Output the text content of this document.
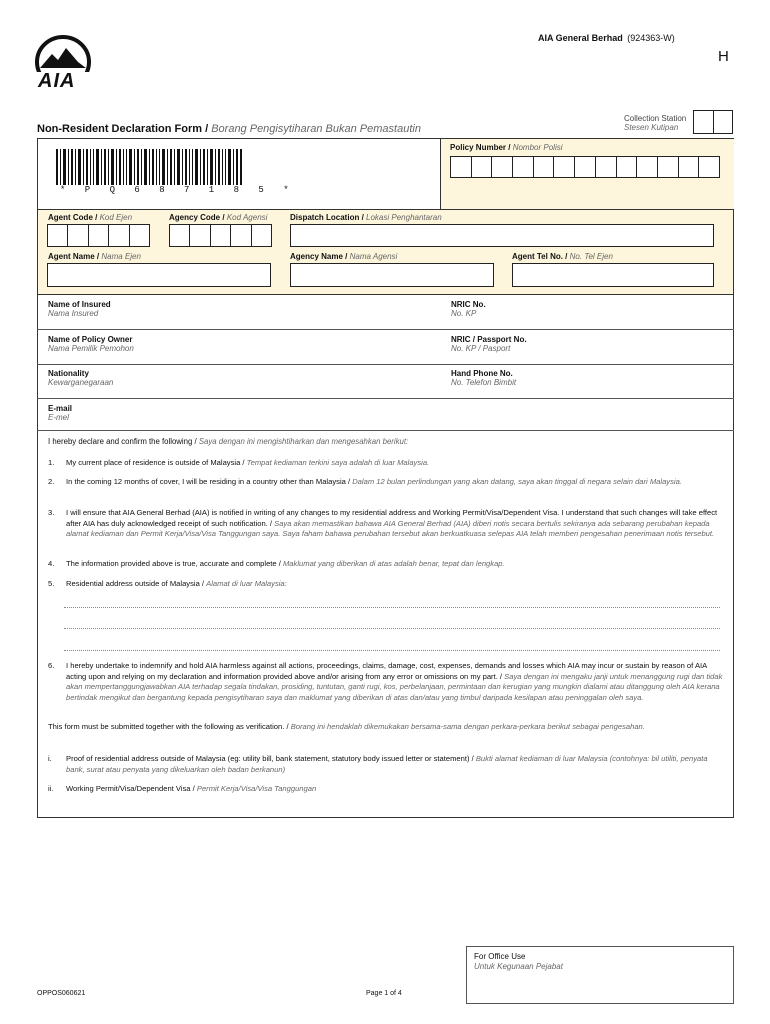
AIA
AIA General Berhad (924363-W)
H
Collection Station
Stesen Kutipan
Non-Resident Declaration Form / Borang Pengisytiharan Bukan Pemastautin
* P Q 6 8 7 1 8 5 *
Policy Number / Nombor Polisi
Agent Code / Kod Ejen	Agency Code / Kod Agensi	Dispatch Location / Lokasi Penghantaran
Agent Name / Nama Ejen	Agency Name / Nama Agensi	Agent Tel No. / No. Tel Ejen
Name of Insured
Nama Insured
NRIC No.
No. KP
Name of Policy Owner
Nama Pemilik Pemohon
NRIC / Passport No.
No. KP / Pasport
Nationality
Kewarganegaraan
Hand Phone No.
No. Telefon Bimbit
E-mail
E-mel
I hereby declare and confirm the following / Saya dengan ini mengishtiharkan dan mengesahkan berikut:
1.	My current place of residence is outside of Malaysia / Tempat kediaman terkini saya adalah di luar Malaysia.
2.	In the coming 12 months of cover, I will be residing in a country other than Malaysia / Dalam 12 bulan perlindungan yang akan datang, saya akan tinggal di negara selain dari Malaysia.
3.	I will ensure that AIA General Berhad (AIA) is notified in writing of any changes to my residential address and Working Permit/Visa/Dependent Visa. I understand that such changes will take effect after AIA has duly acknowledged receipt of such notification. / Saya akan memastikan bahawa AIA General Berhad (AIA) diberi notis secara bertulis sekiranya ada sebarang perubahan kepada alamat kediaman dan Permit Kerja/Visa/Visa Tanggungan saya. Saya faham bahawa perubahan tersebut akan berkuatkuasa selepas AIA telah memberi pengesahan penerimaan notis tersebut.
4.	The information provided above is true, accurate and complete / Maklumat yang diberikan di atas adalah benar, tepat dan lengkap.
5.	Residential address outside of Malaysia / Alamat di luar Malaysia:
6.	I hereby undertake to indemnify and hold AIA harmless against all actions, proceedings, claims, damage, cost, expenses, demands and losses which AIA may incur or sustain by reason of AIA acting upon and relying on my declaration and information provided above and/or arising from any error or omissions on my part. / Saya dengan ini mengaku janji untuk menanggung rugi dan tidak akan mempertanggungjawabkan AIA terhadap segala tindakan, prosiding, tuntutan, ganti rugi, kos, perbelanjaan, permintaan dan kerugian yang mungkin dialami atau ditanggung oleh AIA kerana bertindak mengikut dan bergantung kepada pengisytiharan saya dan maklumat yang diberikan di atas dan/atau yang timbul daripada kesilapan atau peninggalan oleh saya.
This form must be submitted together with the following as verification. / Borang ini hendaklah dikemukakan bersama-sama dengan perkara-perkara berikut sebagai pengesahan.
i.	Proof of residential address outside of Malaysia (eg: utility bill, bank statement, statutory body issued letter or statement) / Bukti alamat kediaman di luar Malaysia (contohnya: bil utiliti, penyata bank, surat atau penyata yang dikeluarkan oleh badan berkanun)
ii.	Working Permit/Visa/Dependent Visa / Permit Kerja/Visa/Visa Tanggungan
For Office Use
Untuk Kegunaan Pejabat
OPPOS060621	Page 1 of 4
